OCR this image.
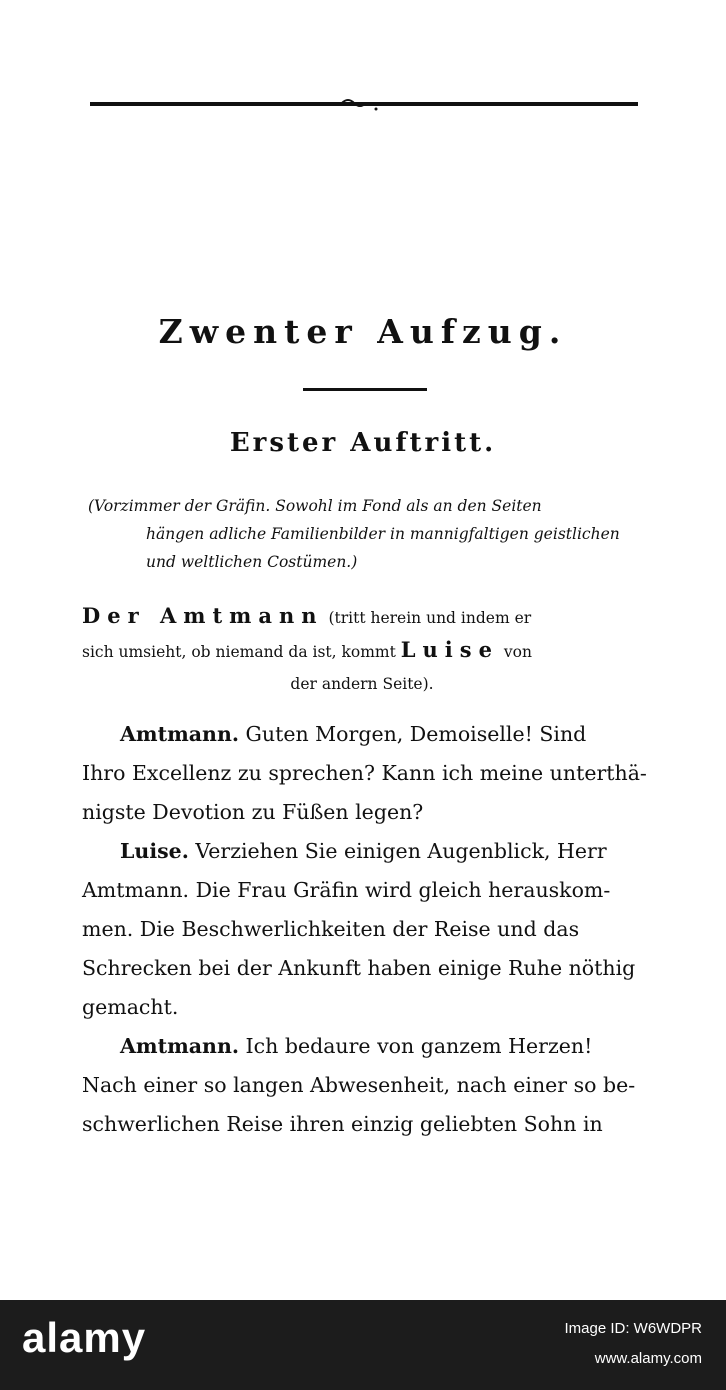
Zwenter Aufzug.
Erster Auftritt.

(Vorzimmer der Gräfin. Sowohl im Fond als an den Seiten
hängen adliche Familienbilder in mannigfaltigen geistlichen
und weltlichen Costümen.)

Der Amtmann (tritt herein und indem er
sich umsieht, ob niemand da ist, kommt Luise von
der andern Seite).

Amtmann. Guten Morgen, Demoiselle! Sind
Ihro Excellenz zu sprechen? Kann ich meine unterthä-
nigste Devotion zu Füßen legen?
Luise. Verziehen Sie einigen Augenblick, Herr
Amtmann. Die Frau Gräfin wird gleich herauskom-
men. Die Beschwerlichkeiten der Reise und das
Schrecken bei der Ankunft haben einige Ruhe nöthig
gemacht.
Amtmann. Ich bedaure von ganzem Herzen!
Nach einer so langen Abwesenheit, nach einer so be-
schwerlichen Reise ihren einzig geliebten Sohn in
alamy	Image ID: W6WDPR
www.alamy.com
